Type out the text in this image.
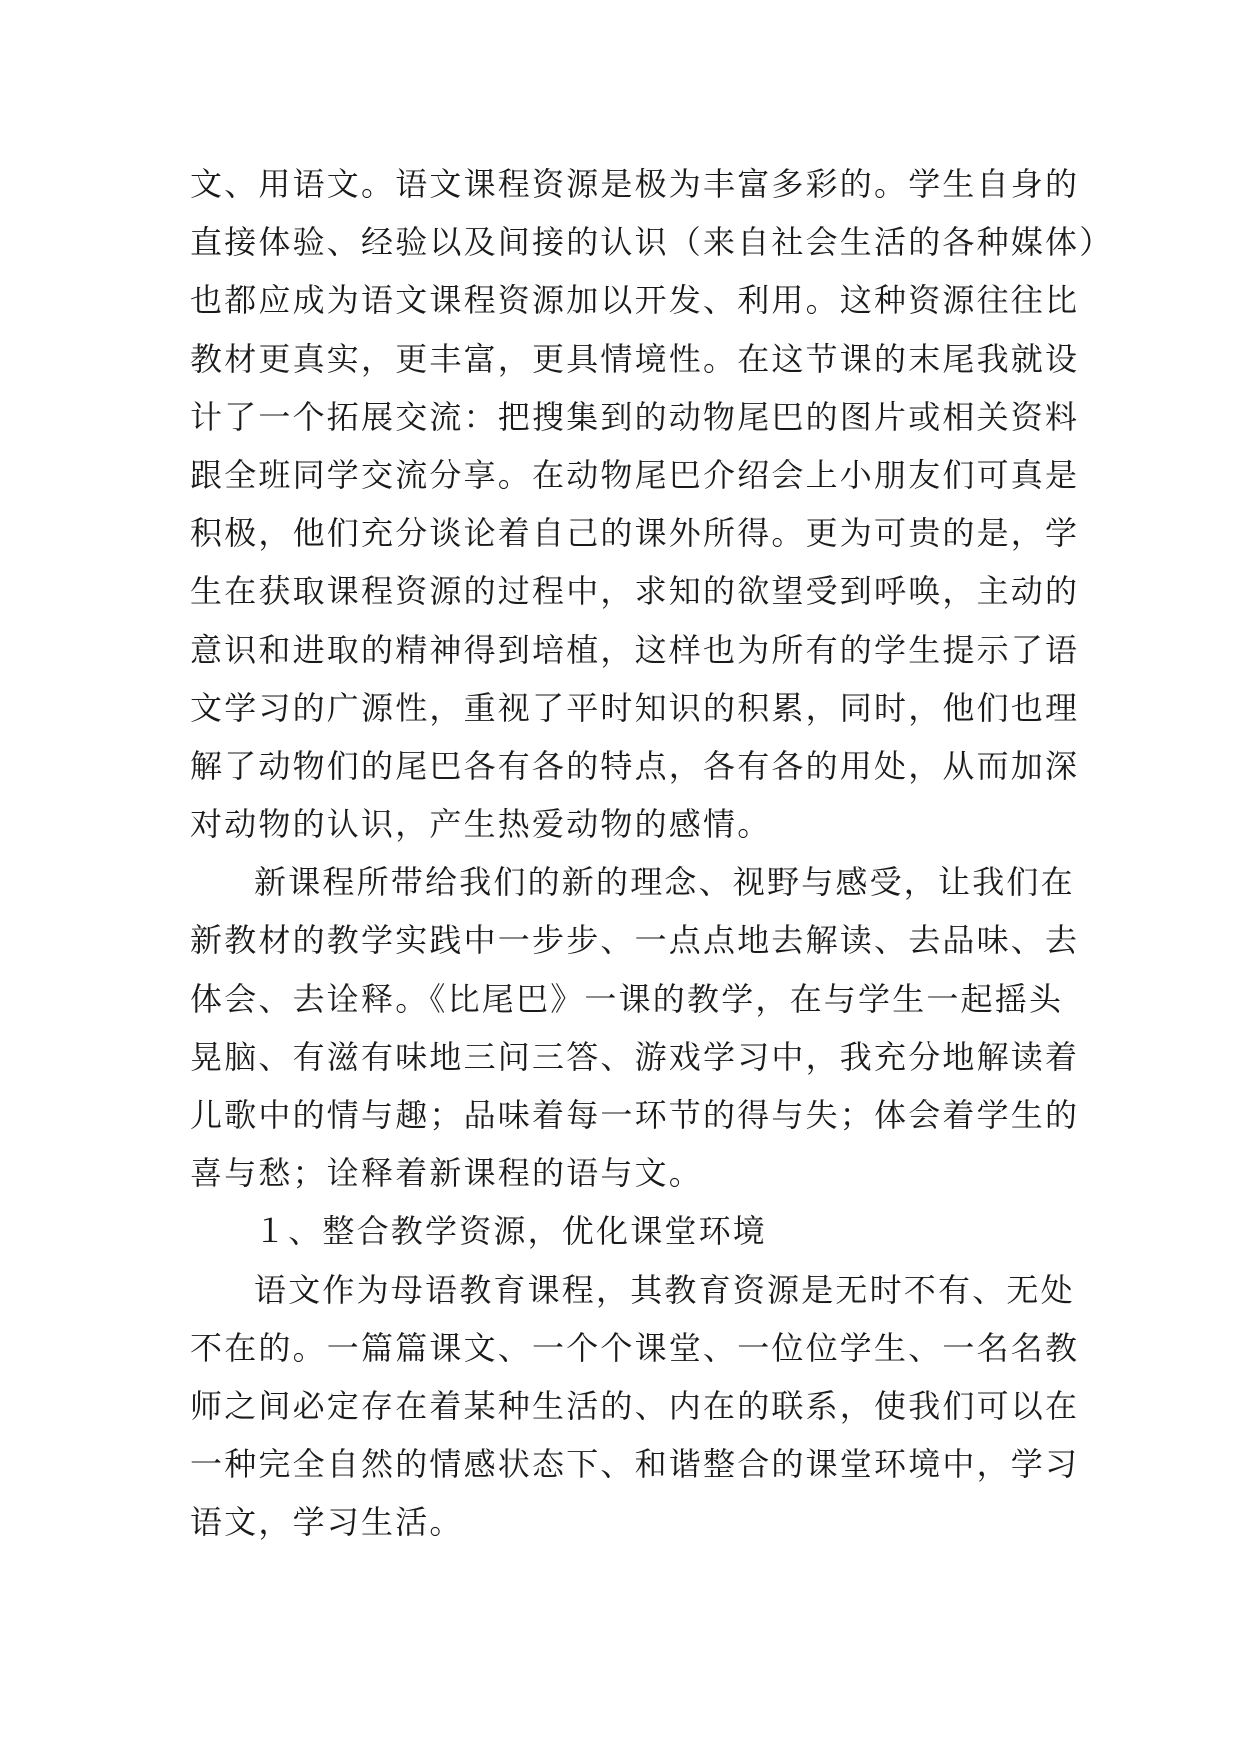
文、用语文。语文课程资源是极为丰富多彩的。学生自身的
直接体验、经验以及间接的认识（来自社会生活的各种媒体）
也都应成为语文课程资源加以开发、利用。这种资源往往比
教材更真实，更丰富，更具情境性。在这节课的末尾我就设
计了一个拓展交流：把搜集到的动物尾巴的图片或相关资料
跟全班同学交流分享。在动物尾巴介绍会上小朋友们可真是
积极，他们充分谈论着自己的课外所得。更为可贵的是，学
生在获取课程资源的过程中，求知的欲望受到呼唤，主动的
意识和进取的精神得到培植，这样也为所有的学生提示了语
文学习的广源性，重视了平时知识的积累，同时，他们也理
解了动物们的尾巴各有各的特点，各有各的用处，从而加深
对动物的认识，产生热爱动物的感情。
新课程所带给我们的新的理念、视野与感受，让我们在
新教材的教学实践中一步步、一点点地去解读、去品味、去
体会、去诠释。《比尾巴》一课的教学，在与学生一起摇头
晃脑、有滋有味地三问三答、游戏学习中，我充分地解读着
儿歌中的情与趣；品味着每一环节的得与失；体会着学生的
喜与愁；诠释着新课程的语与文。
１、整合教学资源，优化课堂环境
语文作为母语教育课程，其教育资源是无时不有、无处
不在的。一篇篇课文、一个个课堂、一位位学生、一名名教
师之间必定存在着某种生活的、内在的联系，使我们可以在
一种完全自然的情感状态下、和谐整合的课堂环境中，学习
语文，学习生活。
